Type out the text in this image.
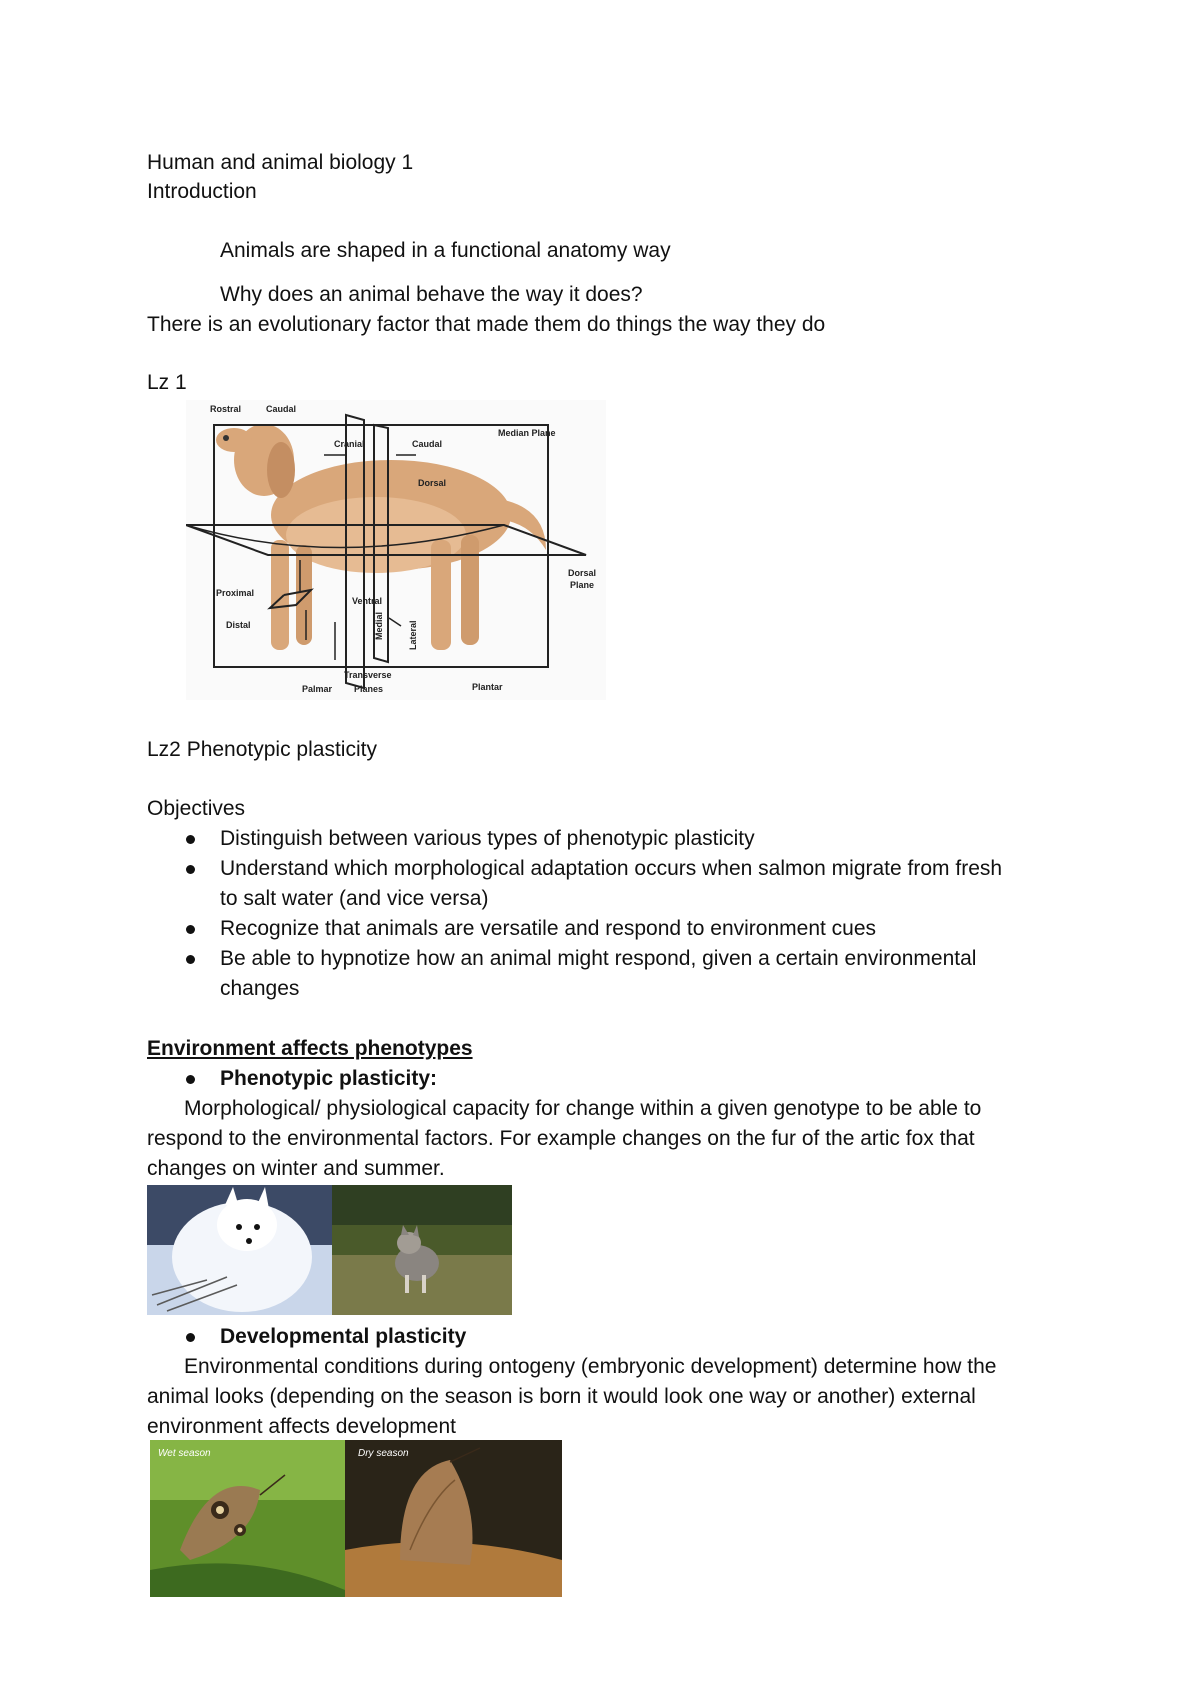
Human and animal biology 1
Introduction
Animals are shaped in a functional anatomy way
Why does an animal behave the way it does?
There is an evolutionary factor that made them do things the way they do
Lz 1
Rostral	Caudal
Cranial	Caudal
Median Plane
Dorsal
Dorsal
Plane
Proximal
Distal
Ventral
Medial	Lateral
Transverse
Planes
Palmar	Plantar
Lz2 Phenotypic plasticity
Objectives
Distinguish between various types of phenotypic plasticity
Understand which morphological adaptation occurs when salmon migrate from fresh
to salt water (and vice versa)
Recognize that animals are versatile and respond to environment cues
Be able to hypnotize how an animal might respond, given a certain environmental
changes
Environment affects phenotypes
Phenotypic plasticity:
Morphological/ physiological capacity for change within a given genotype to be able to
respond to the environmental factors. For example changes on the fur of the artic fox that
changes on winter and summer.
Developmental plasticity
Environmental conditions during ontogeny (embryonic development) determine how the
animal looks (depending on the season is born it would look one way or another) external
environment affects development
Wet season	Dry season
